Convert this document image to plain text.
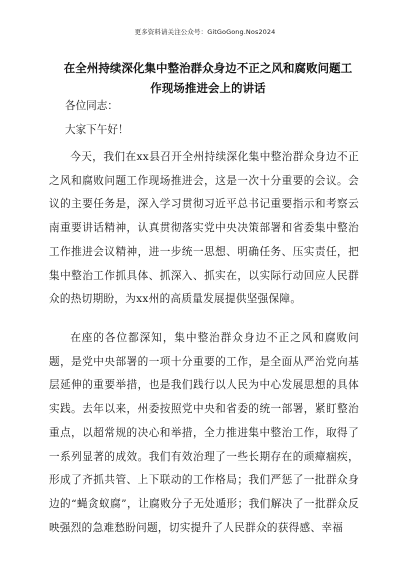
更多资料请关注公众号：GitGoGong.Nos2024
在全州持续深化集中整治群众身边不正之风和腐败问题工
作现场推进会上的讲话
各位同志：
大家下午好！

今天，我们在xx县召开全州持续深化集中整治群众身边不正之风和腐败问题工作现场推进会，这是一次十分重要的会议。会议的主要任务是，深入学习贯彻习近平总书记重要指示和考察云南重要讲话精神，认真贯彻落实党中央决策部署和省委集中整治工作推进会议精神，进一步统一思想、明确任务、压实责任，把集中整治工作抓具体、抓深入、抓实在，以实际行动回应人民群众的热切期盼，为xx州的高质量发展提供坚强保障。

在座的各位都深知，集中整治群众身边不正之风和腐败问题，是党中央部署的一项十分重要的工作，是全面从严治党向基层延伸的重要举措，也是我们践行以人民为中心发展思想的具体实践。去年以来，州委按照党中央和省委的统一部署，紧盯整治重点，以超常规的决心和举措，全力推进集中整治工作，取得了一系列显著的成效。我们有效治理了一些长期存在的顽瘴痼疾，形成了齐抓共管、上下联动的工作格局；我们严惩了一批群众身边的“蝇贪蚁腐”，让腐败分子无处遁形；我们解决了一批群众反映强烈的急难愁盼问题，切实提升了人民群众的获得感、幸福
